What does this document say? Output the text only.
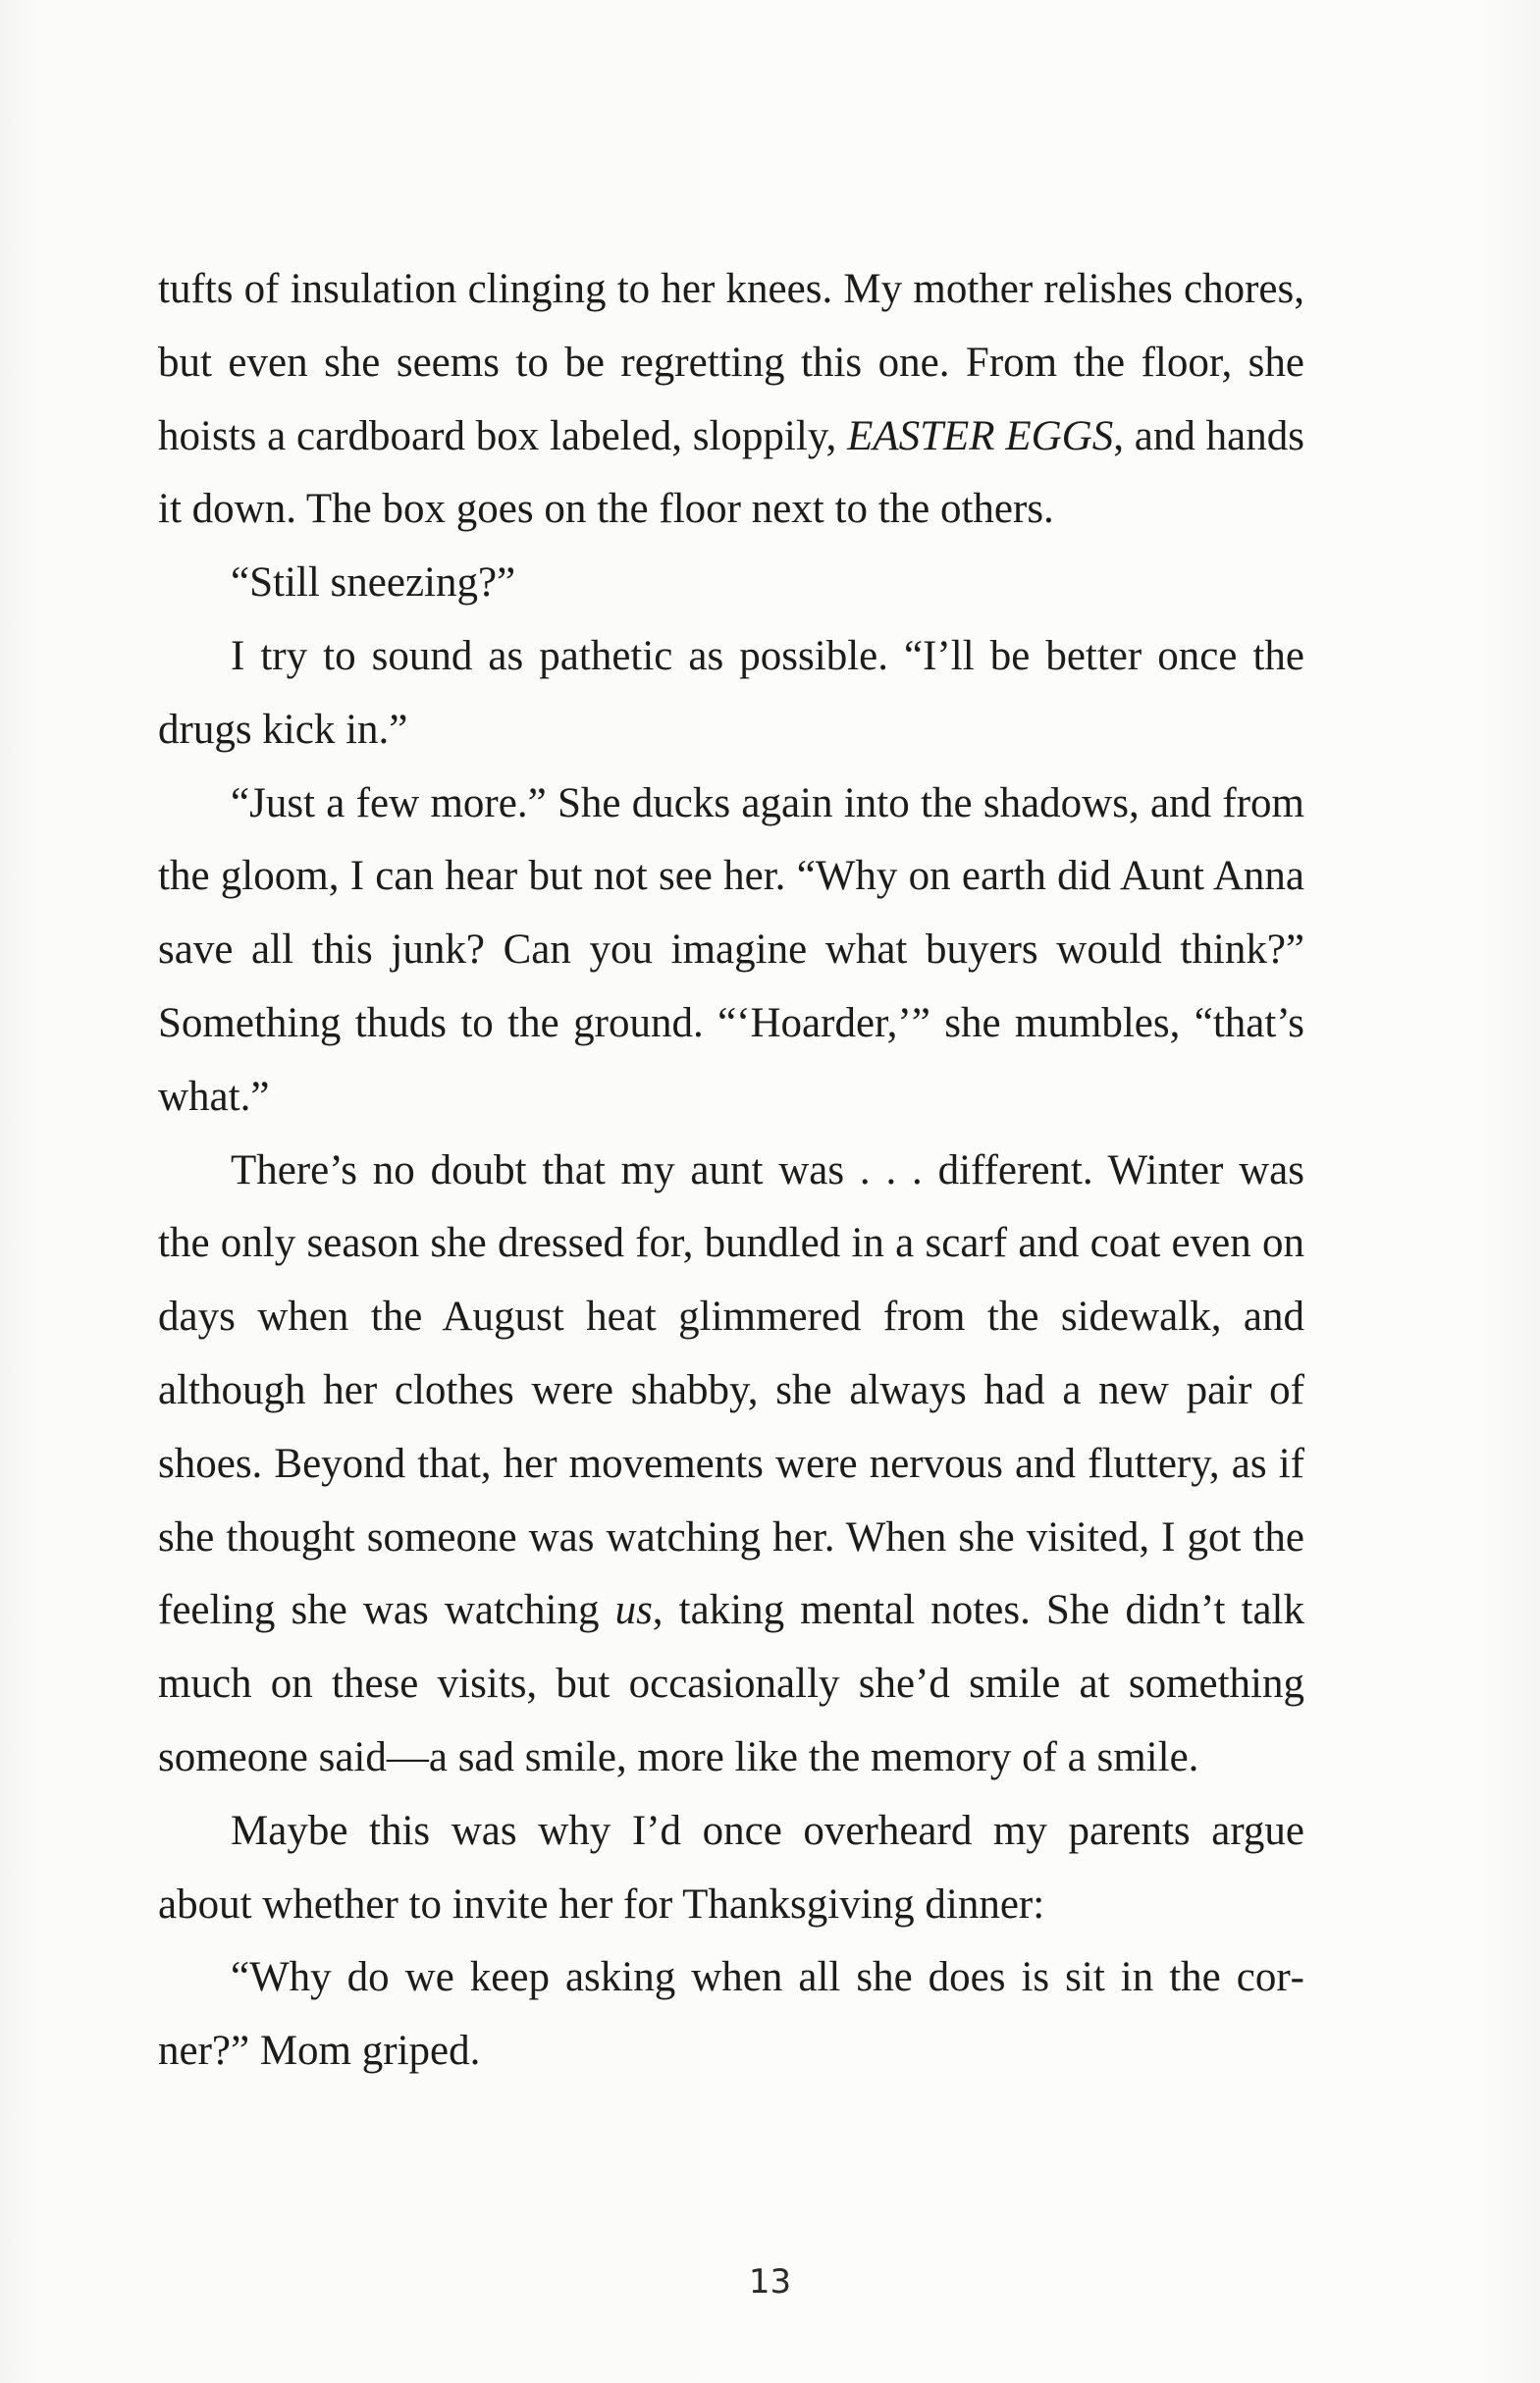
tufts of insulation clinging to her knees. My mother relishes chores, but even she seems to be regretting this one. From the floor, she hoists a cardboard box labeled, sloppily, EASTER EGGS, and hands it down. The box goes on the floor next to the others.

“Still sneezing?”

I try to sound as pathetic as possible. “I’ll be better once the drugs kick in.”

“Just a few more.” She ducks again into the shadows, and from the gloom, I can hear but not see her. “Why on earth did Aunt Anna save all this junk? Can you imagine what buyers would think?” Something thuds to the ground. “‘Hoarder,’” she mumbles, “that’s what.”

There’s no doubt that my aunt was . . . different. Winter was the only season she dressed for, bundled in a scarf and coat even on days when the August heat glimmered from the sidewalk, and although her clothes were shabby, she always had a new pair of shoes. Beyond that, her movements were nervous and fluttery, as if she thought someone was watching her. When she visited, I got the feeling she was watching us, taking mental notes. She didn’t talk much on these visits, but occasionally she’d smile at something someone said—a sad smile, more like the memory of a smile.

Maybe this was why I’d once overheard my parents argue about whether to invite her for Thanksgiving dinner:

“Why do we keep asking when all she does is sit in the corner?” Mom griped.

13
